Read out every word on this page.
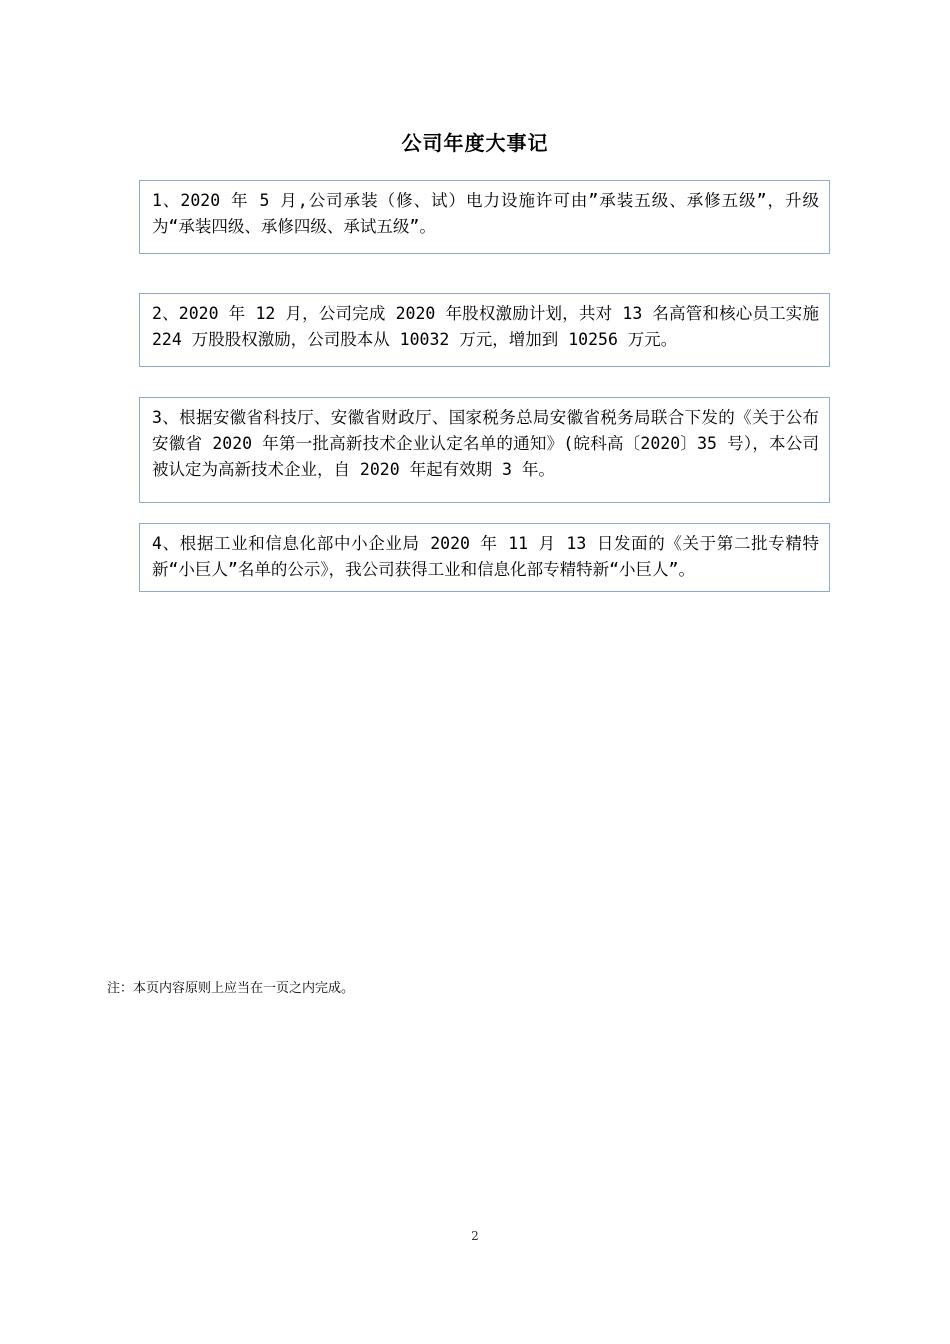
公司年度大事记
1、2020 年 5 月,公司承装（修、试）电力设施许可由”承装五级、承修五级”，升级为“承装四级、承修四级、承试五级”。
2、2020 年 12 月，公司完成 2020 年股权激励计划，共对 13 名高管和核心员工实施 224 万股股权激励，公司股本从 10032 万元，增加到 10256 万元。
3、根据安徽省科技厅、安徽省财政厅、国家税务总局安徽省税务局联合下发的《关于公布安徽省 2020 年第一批高新技术企业认定名单的通知》(皖科高〔2020〕35 号），本公司被认定为高新技术企业，自 2020 年起有效期 3 年。
4、根据工业和信息化部中小企业局 2020 年 11 月 13 日发面的《关于第二批专精特新“小巨人”名单的公示》，我公司获得工业和信息化部专精特新“小巨人”。

注：本页内容原则上应当在一页之内完成。

2
